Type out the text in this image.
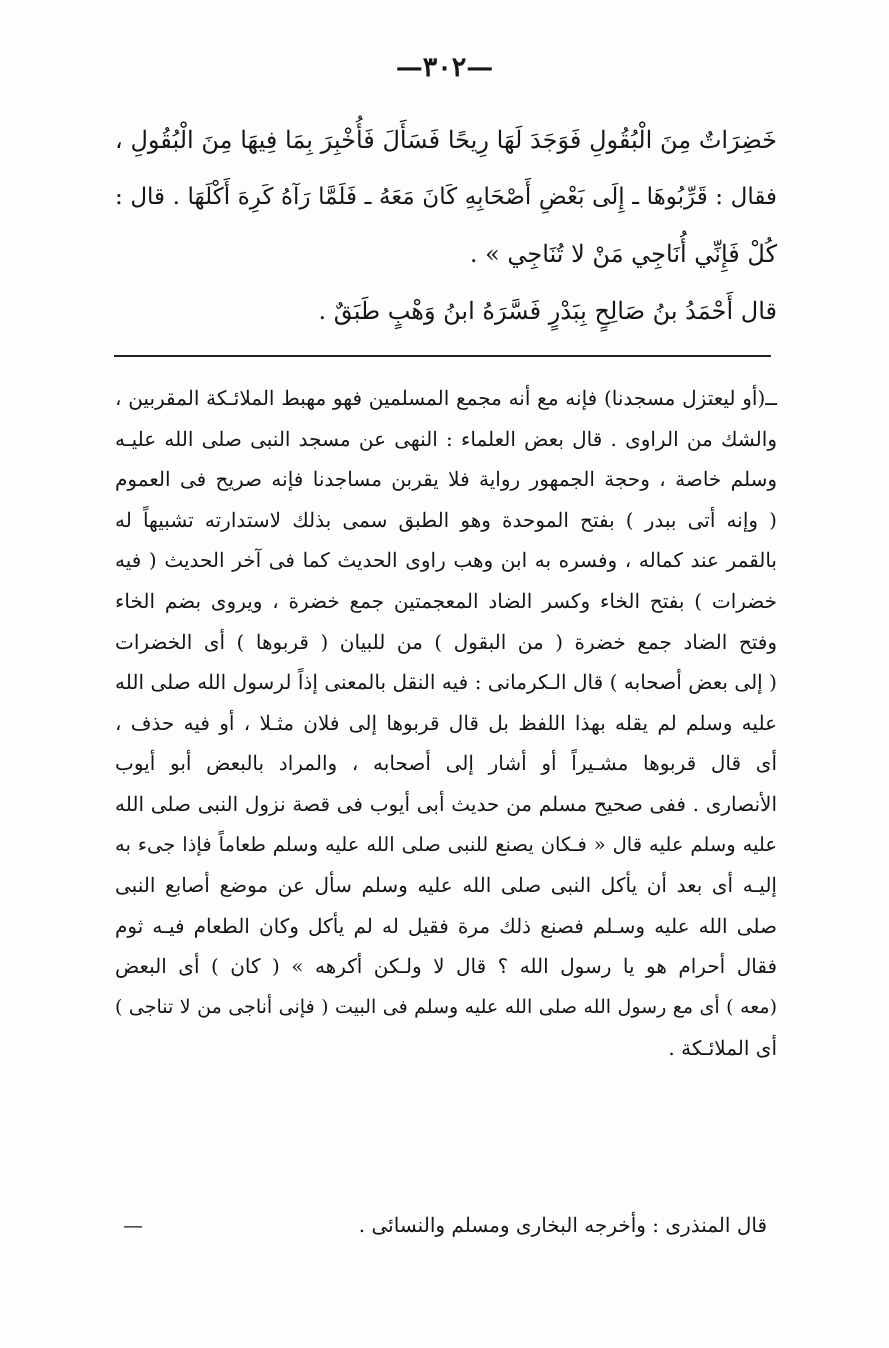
—٣٠٢—
خَضِرَاتٌ مِنَ الْبُقُولِ فَوَجَدَ لَهَا رِيحًا فَسَأَلَ فَأُخْبِرَ بِمَا فِيهَا مِنَ الْبُقُولِ ،
فقال : قَرِّبُوهَا ـ إِلَى بَعْضِ أَصْحَابِهِ كَانَ مَعَهُ ـ فَلَمَّا رَآهُ كَرِهَ أَكْلَهَا . قال :
كُلْ فَإِنِّي أُنَاجِي مَنْ لا تُنَاجِي » .
قال أَحْمَدُ بنُ صَالِحٍ بِبَدْرٍ فَسَّرَهُ ابنُ وَهْبٍ طَبَقٌ .
ــ(أو ليعتزل مسجدنا) فإنه مع أنه مجمع المسلمين فهو مهبط الملائـكة المقربين ،
والشك من الراوى . قال بعض العلماء : النهى عن مسجد النبى صلى الله عليـه
وسلم خاصة ، وحجة الجمهور رواية فلا يقربن مساجدنا فإنه صريح فى العموم
( وإنه أتى ببدر ) بفتح الموحدة وهو الطبق سمى بذلك لاستدارته تشبيهاً له
بالقمر عند كماله ، وفسره به ابن وهب راوى الحديث كما فى آخر الحديث ( فيه
خضرات ) بفتح الخاء وكسر الضاد المعجمتين جمع خضرة ، ويروى بضم الخاء
وفتح الضاد جمع خضرة ( من البقول ) من للبيان ( قربوها ) أى الخضرات
( إلى بعض أصحابه ) قال الـكرمانى : فيه النقل بالمعنى إذاً لرسول الله صلى الله
عليه وسلم لم يقله بهذا اللفظ بل قال قربوها إلى فلان مثـلا ، أو فيه حذف ،
أى قال قربوها مشـيراً أو أشار إلى أصحابه ، والمراد بالبعض أبو أيوب
الأنصارى . ففى صحيح مسلم من حديث أبى أيوب فى قصة نزول النبى صلى الله
عليه وسلم عليه قال « فـكان يصنع للنبى صلى الله عليه وسلم طعاماً فإذا جىء به
إليـه أى بعد أن يأكل النبى صلى الله عليه وسلم سأل عن موضع أصابع النبى
صلى الله عليه وسـلم فصنع ذلك مرة فقيل له لم يأكل وكان الطعام فيـه ثوم
فقال أحرام هو يا رسول الله ؟ قال لا ولـكن أكرهه » ( كان ) أى البعض
(معه ) أى مع رسول الله صلى الله عليه وسلم فى البيت ( فإنى أناجى من لا تناجى )
أى الملائـكة .
قال المنذرى : وأخرجه البخارى ومسلم والنسائى .
—
